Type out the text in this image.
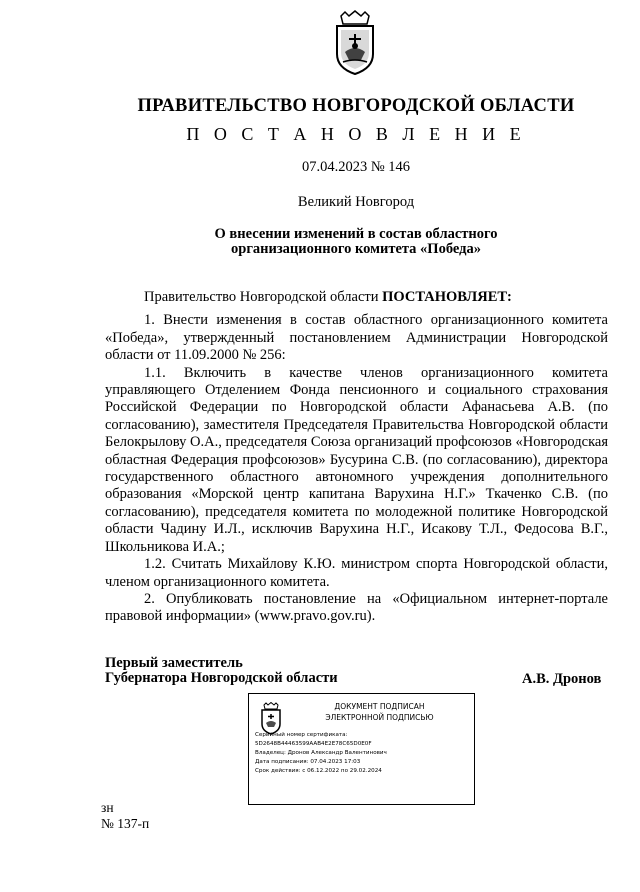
ПРАВИТЕЛЬСТВО НОВГОРОДСКОЙ ОБЛАСТИ
П О С Т А Н О В Л Е Н И Е
07.04.2023 № 146
Великий Новгород
О внесении изменений в состав областного
организационного комитета «Победа»

Правительство Новгородской области ПОСТАНОВЛЯЕТ:

1. Внести изменения в состав областного организационного комитета «Победа», утвержденный постановлением Администрации Новгородской области от 11.09.2000 № 256:

1.1. Включить в качестве членов организационного комитета управляющего Отделением Фонда пенсионного и социального страхования Российской Федерации по Новгородской области Афанасьева А.В. (по согласованию), заместителя Председателя Правительства Новгородской области Белокрылову О.А., председателя Союза организаций профсоюзов «Новгородская областная Федерация профсоюзов» Бусурина С.В. (по согласованию), директора государственного областного автономного учреждения дополнительного образования «Морской центр капитана Варухина Н.Г.» Ткаченко С.В. (по согласованию), председателя комитета по молодежной политике Новгородской области Чадину И.Л., исключив Варухина Н.Г., Исакову Т.Л., Федосова В.Г., Школьникова И.А.;

1.2. Считать Михайлову К.Ю. министром спорта Новгородской области, членом организационного комитета.

2. Опубликовать постановление на «Официальном интернет-портале правовой информации» (www.pravo.gov.ru).

Первый заместитель
Губернатора Новгородской области	А.В. Дронов
ДОКУМЕНТ ПОДПИСАН
ЭЛЕКТРОННОЙ ПОДПИСЬЮ
Серийный номер сертификата:
5D2648B44463599AAB4E2E78C65D0E0F
Владелец: Дронов Александр Валентинович
Дата подписания: 07.04.2023 17:03
Срок действия: с 06.12.2022 по 29.02.2024
зн
№ 137-п
